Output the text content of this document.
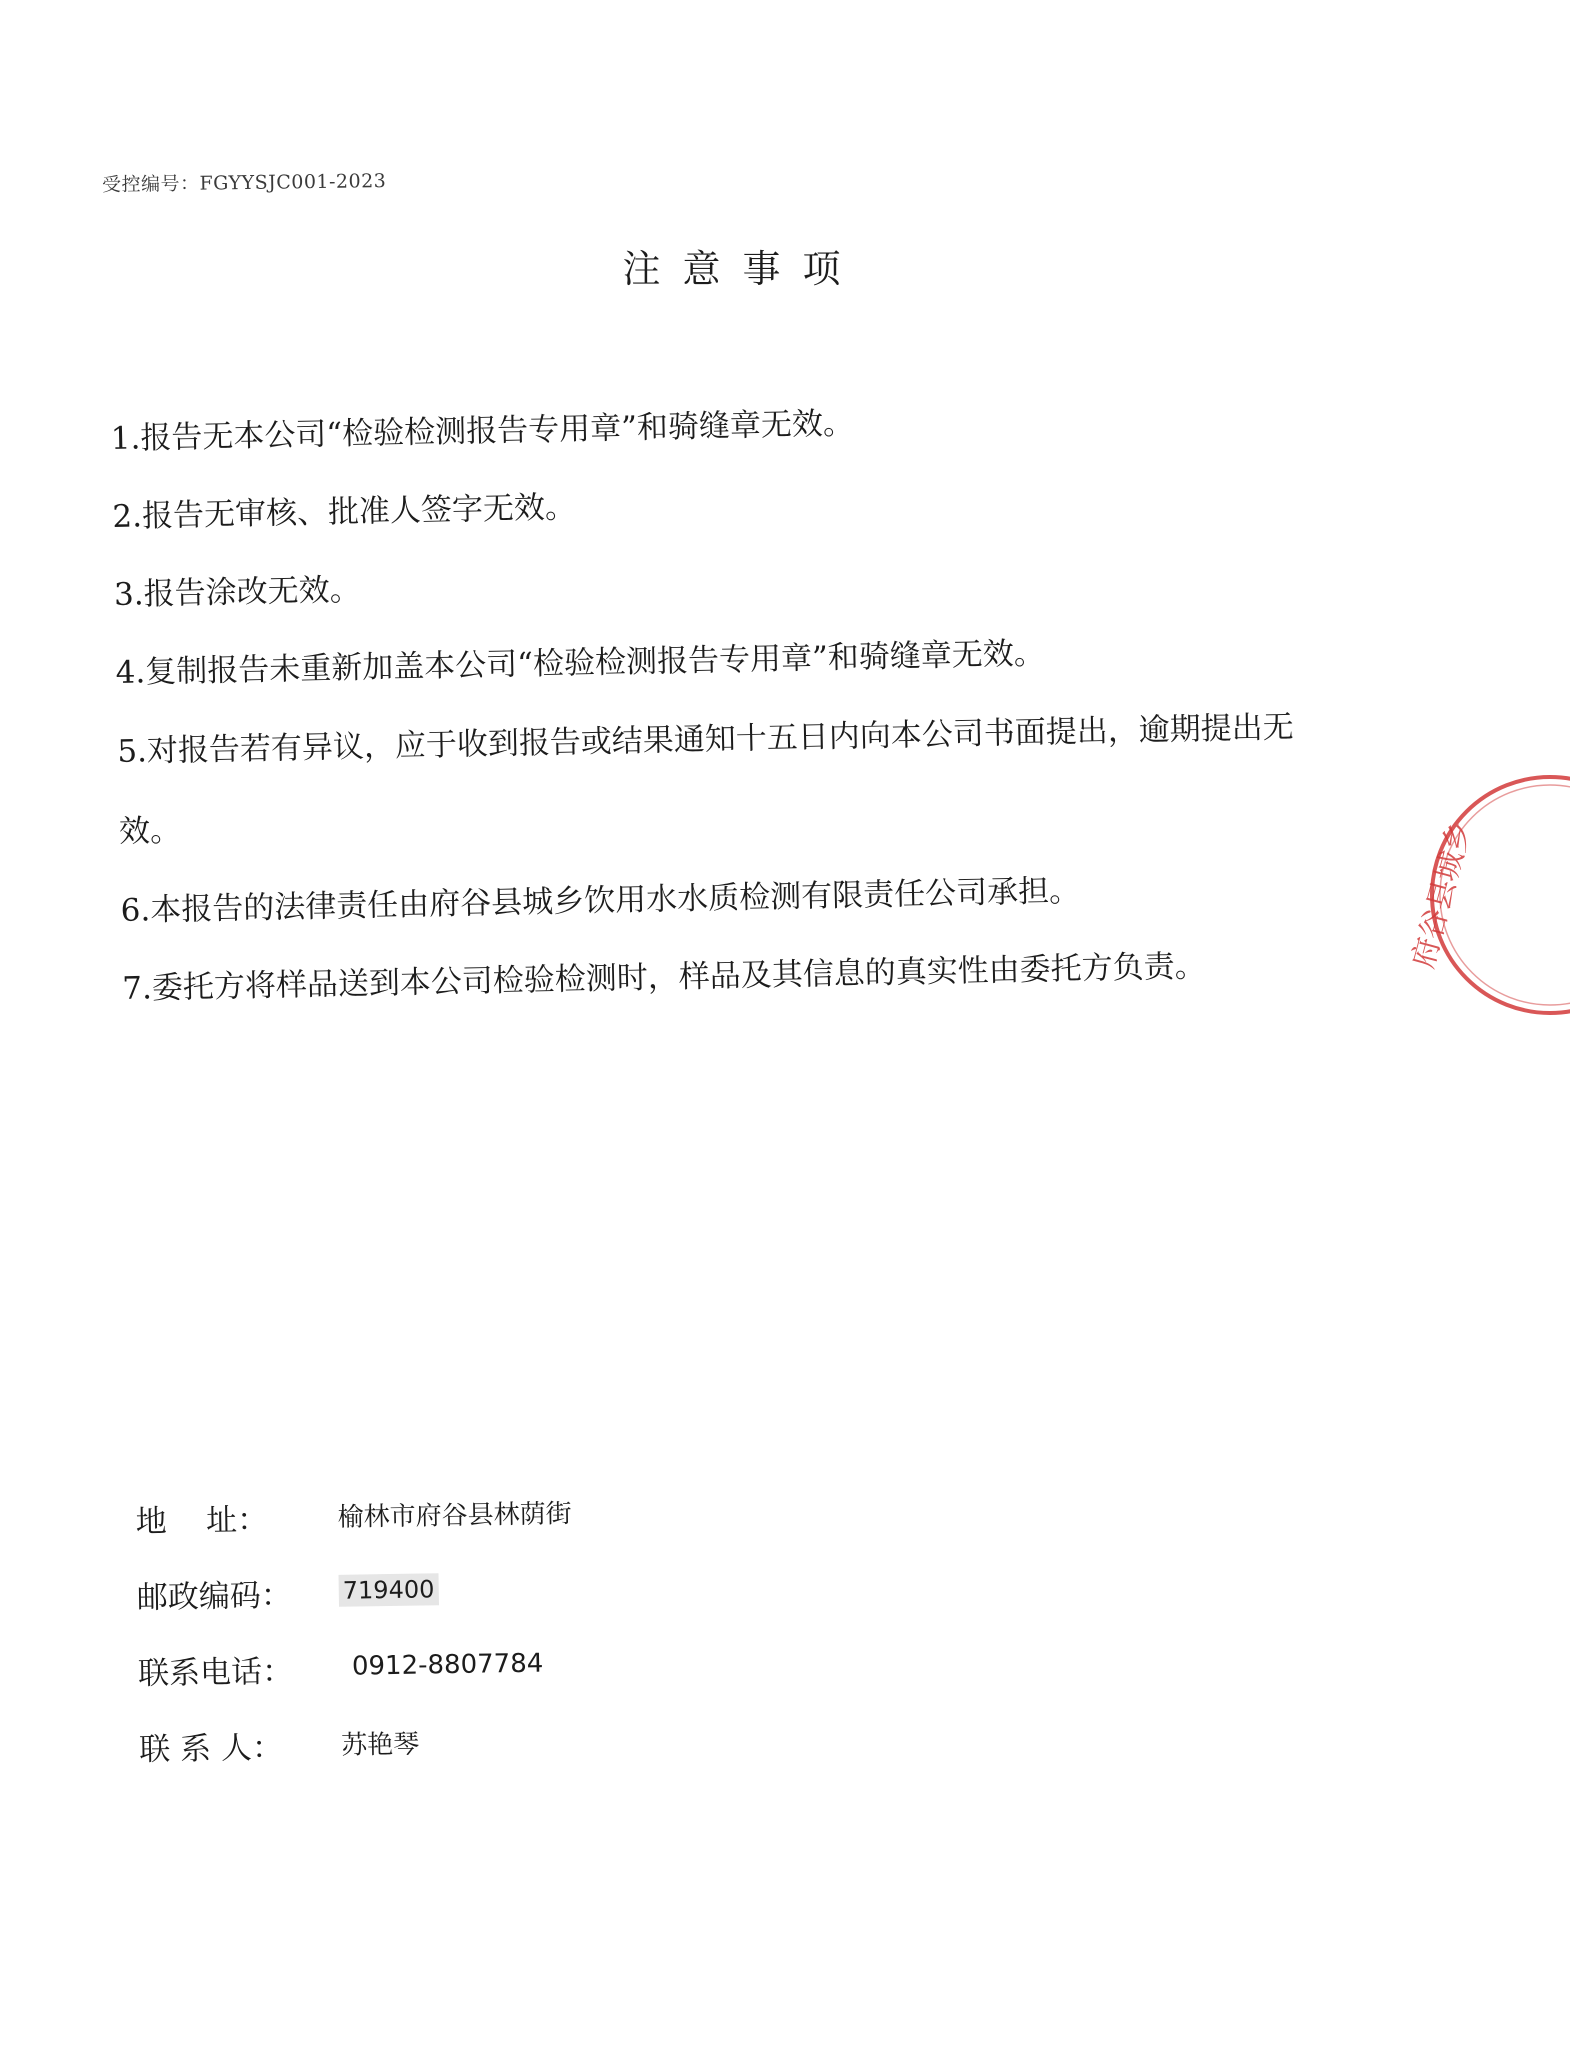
受控编号：FGYYSJC001-2023
注意事项
1.报告无本公司“检验检测报告专用章”和骑缝章无效。
2.报告无审核、批准人签字无效。
3.报告涂改无效。
4.复制报告未重新加盖本公司“检验检测报告专用章”和骑缝章无效。
5.对报告若有异议，应于收到报告或结果通知十五日内向本公司书面提出，逾期提出无效。
6.本报告的法律责任由府谷县城乡饮用水水质检测有限责任公司承担。
7.委托方将样品送到本公司检验检测时，样品及其信息的真实性由委托方负责。
地    址：	榆林市府谷县林荫街
邮政编码：	719400
联系电话：	0912-8807784
联 系 人：	苏艳琴
府谷县城乡
